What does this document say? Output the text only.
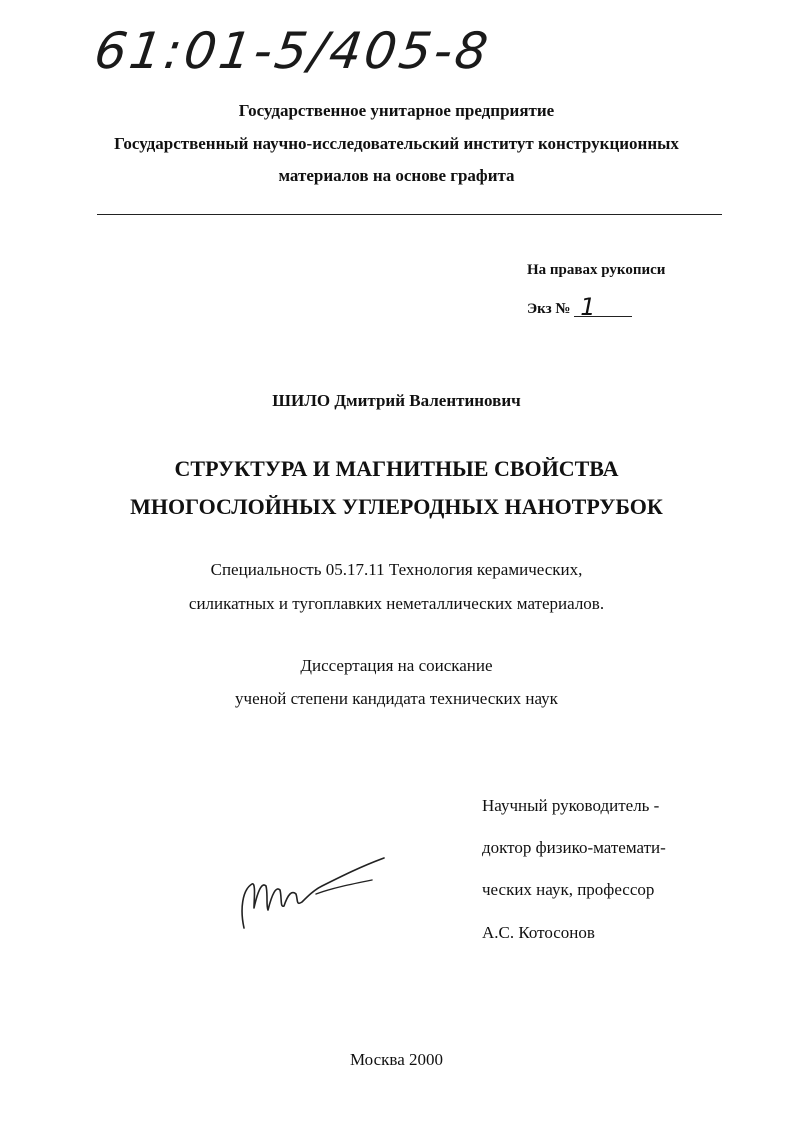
61:01-5/405-8
Государственное унитарное предприятие
Государственный научно-исследовательский институт конструкционных
материалов на основе графита
На правах рукописи
Экз № 1
ШИЛО Дмитрий Валентинович
СТРУКТУРА И МАГНИТНЫЕ СВОЙСТВА
МНОГОСЛОЙНЫХ УГЛЕРОДНЫХ НАНОТРУБОК
Специальность 05.17.11 Технология керамических,
силикатных и тугоплавких неметаллических материалов.
Диссертация на соискание
ученой степени кандидата технических наук
Научный руководитель -
доктор физико-математи-
ческих наук, профессор
А.С. Котосонов
Москва 2000
